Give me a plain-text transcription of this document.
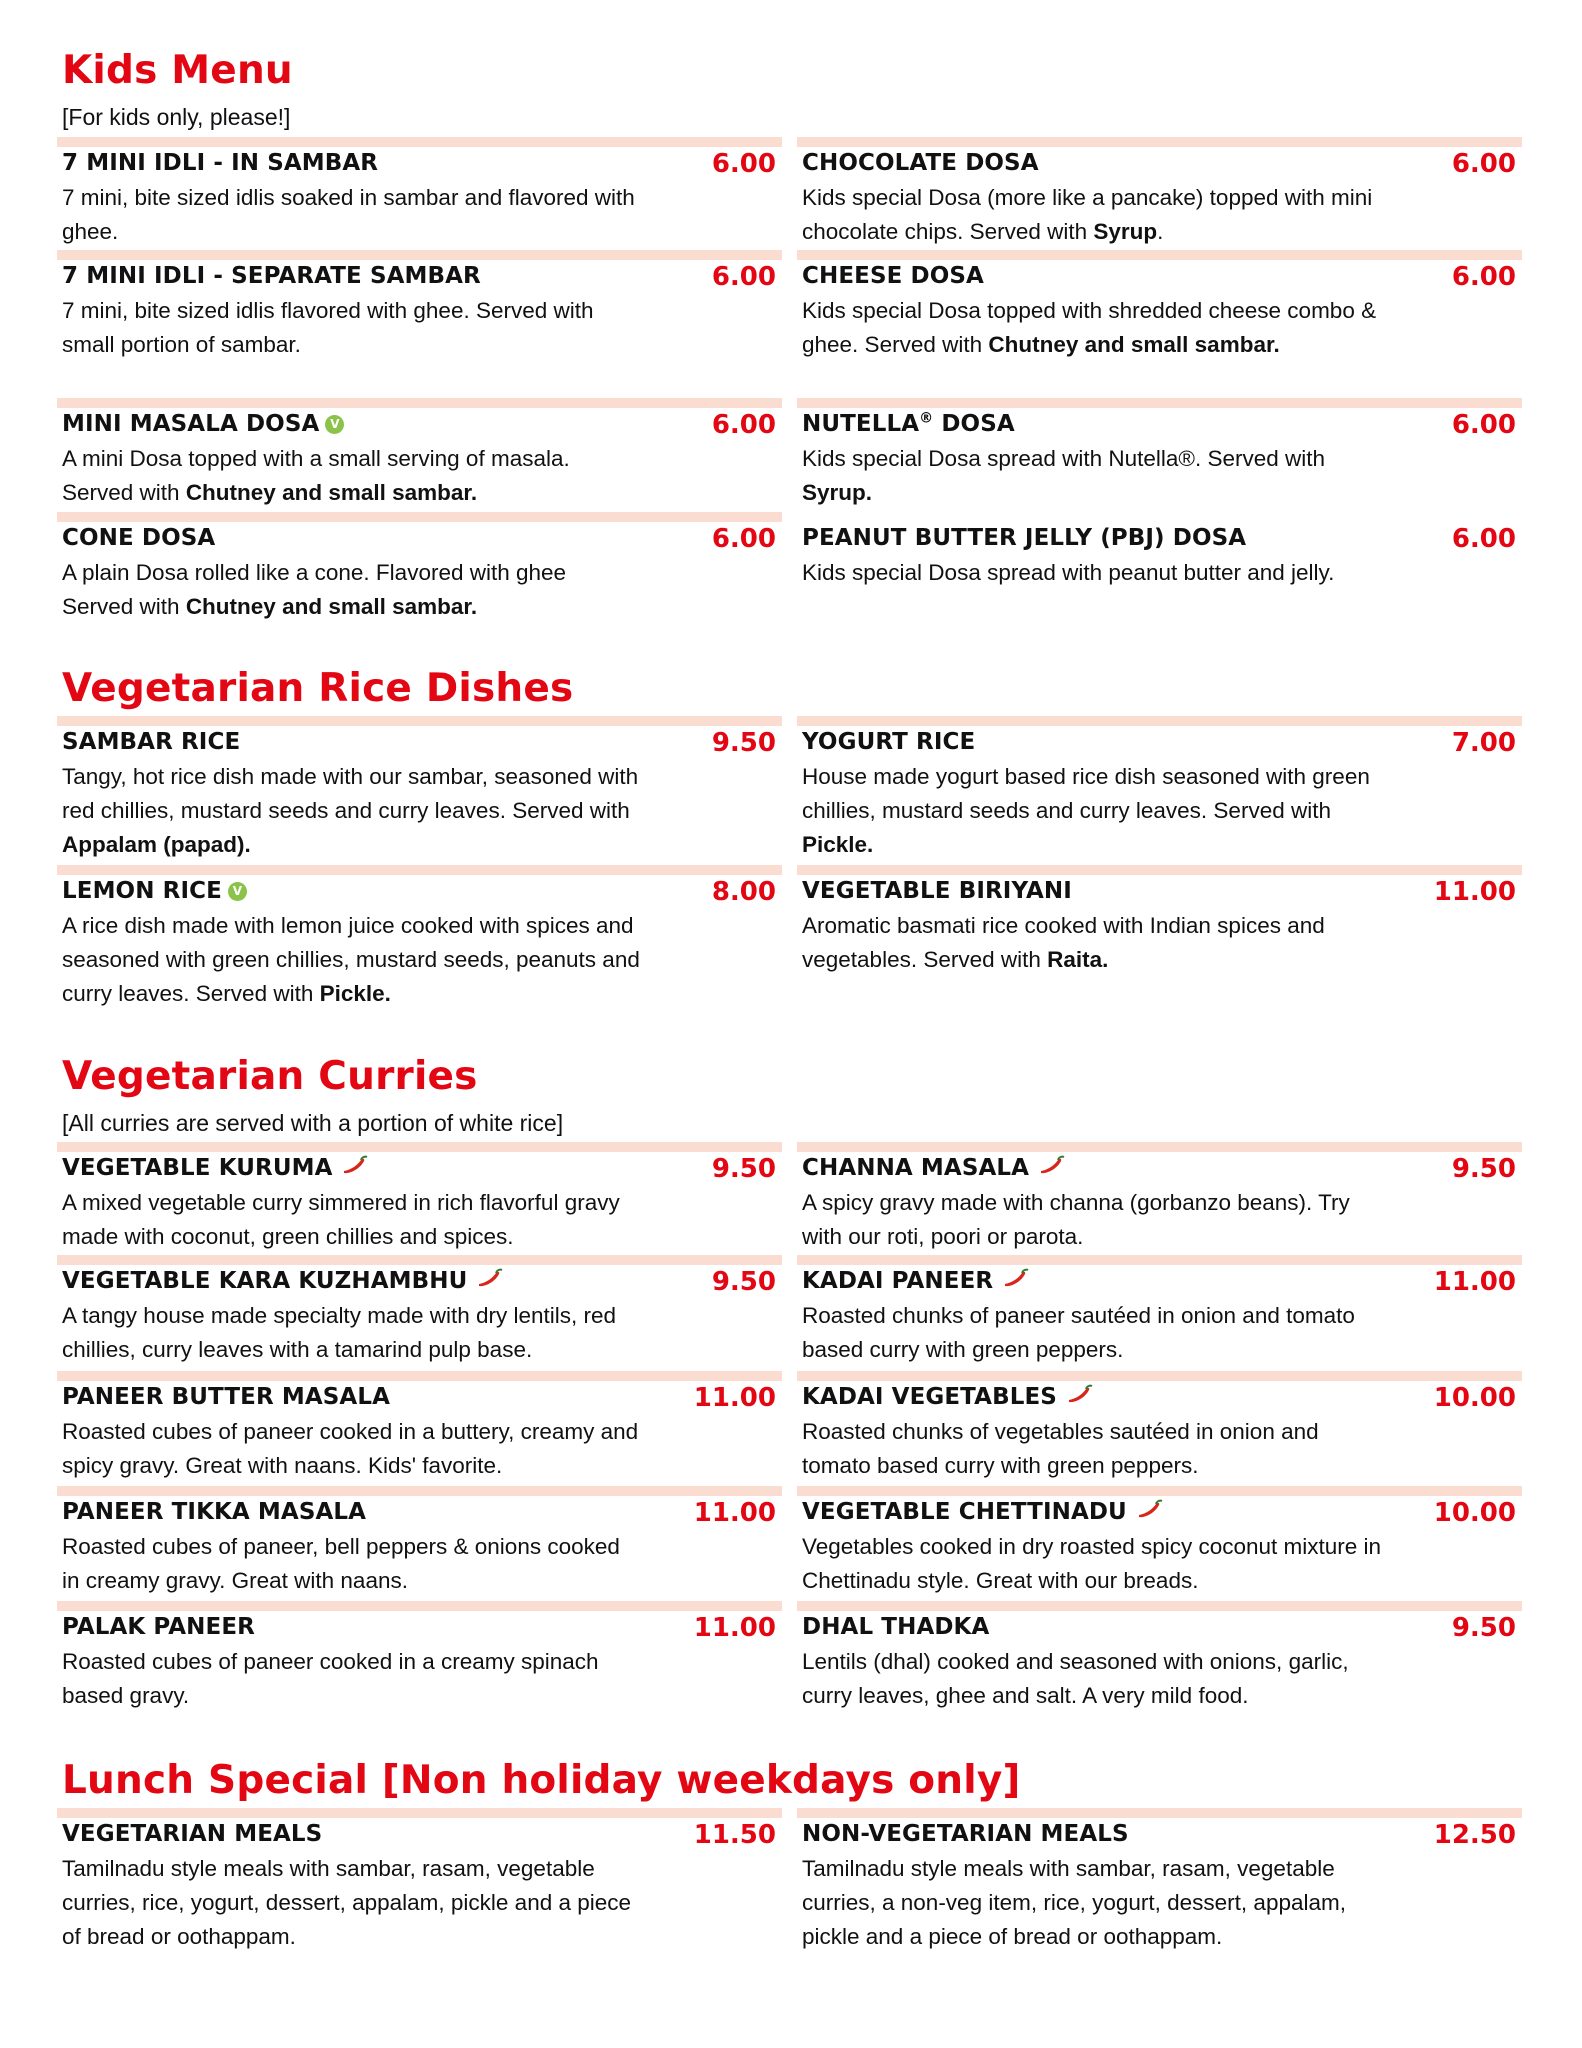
Kids Menu
[For kids only, please!]
7 MINI IDLI - IN SAMBAR	6.00
7 mini, bite sized idlis soaked in sambar and flavored with ghee.
CHOCOLATE DOSA	6.00
Kids special Dosa (more like a pancake) topped with mini chocolate chips. Served with Syrup.
7 MINI IDLI - SEPARATE SAMBAR	6.00
7 mini, bite sized idlis flavored with ghee. Served with small portion of sambar.
CHEESE DOSA	6.00
Kids special Dosa topped with shredded cheese combo & ghee. Served with Chutney and small sambar.
MINI MASALA DOSA V	6.00
A mini Dosa topped with a small serving of masala. Served with Chutney and small sambar.
NUTELLA® DOSA	6.00
Kids special Dosa spread with Nutella®. Served with Syrup.
CONE DOSA	6.00
A plain Dosa rolled like a cone. Flavored with ghee Served with Chutney and small sambar.
PEANUT BUTTER JELLY (PBJ) DOSA	6.00
Kids special Dosa spread with peanut butter and jelly.
Vegetarian Rice Dishes
SAMBAR RICE	9.50
Tangy, hot rice dish made with our sambar, seasoned with red chillies, mustard seeds and curry leaves. Served with Appalam (papad).
YOGURT RICE	7.00
House made yogurt based rice dish seasoned with green chillies, mustard seeds and curry leaves. Served with Pickle.
LEMON RICE V	8.00
A rice dish made with lemon juice cooked with spices and seasoned with green chillies, mustard seeds, peanuts and curry leaves. Served with Pickle.
VEGETABLE BIRIYANI	11.00
Aromatic basmati rice cooked with Indian spices and vegetables. Served with Raita.
Vegetarian Curries
[All curries are served with a portion of white rice]
VEGETABLE KURUMA	9.50
A mixed vegetable curry simmered in rich flavorful gravy made with coconut, green chillies and spices.
CHANNA MASALA	9.50
A spicy gravy made with channa (gorbanzo beans). Try with our roti, poori or parota.
VEGETABLE KARA KUZHAMBHU	9.50
A tangy house made specialty made with dry lentils, red chillies, curry leaves with a tamarind pulp base.
KADAI PANEER	11.00
Roasted chunks of paneer sautéed in onion and tomato based curry with green peppers.
PANEER BUTTER MASALA	11.00
Roasted cubes of paneer cooked in a buttery, creamy and spicy gravy. Great with naans. Kids' favorite.
KADAI VEGETABLES	10.00
Roasted chunks of vegetables sautéed in onion and tomato based curry with green peppers.
PANEER TIKKA MASALA	11.00
Roasted cubes of paneer, bell peppers & onions cooked in creamy gravy. Great with naans.
VEGETABLE CHETTINADU	10.00
Vegetables cooked in dry roasted spicy coconut mixture in Chettinadu style. Great with our breads.
PALAK PANEER	11.00
Roasted cubes of paneer cooked in a creamy spinach based gravy.
DHAL THADKA	9.50
Lentils (dhal) cooked and seasoned with onions, garlic, curry leaves, ghee and salt. A very mild food.
Lunch Special [Non holiday weekdays only]
VEGETARIAN MEALS	11.50
Tamilnadu style meals with sambar, rasam, vegetable curries, rice, yogurt, dessert, appalam, pickle and a piece of bread or oothappam.
NON-VEGETARIAN MEALS	12.50
Tamilnadu style meals with sambar, rasam, vegetable curries, a non-veg item, rice, yogurt, dessert, appalam, pickle and a piece of bread or oothappam.
